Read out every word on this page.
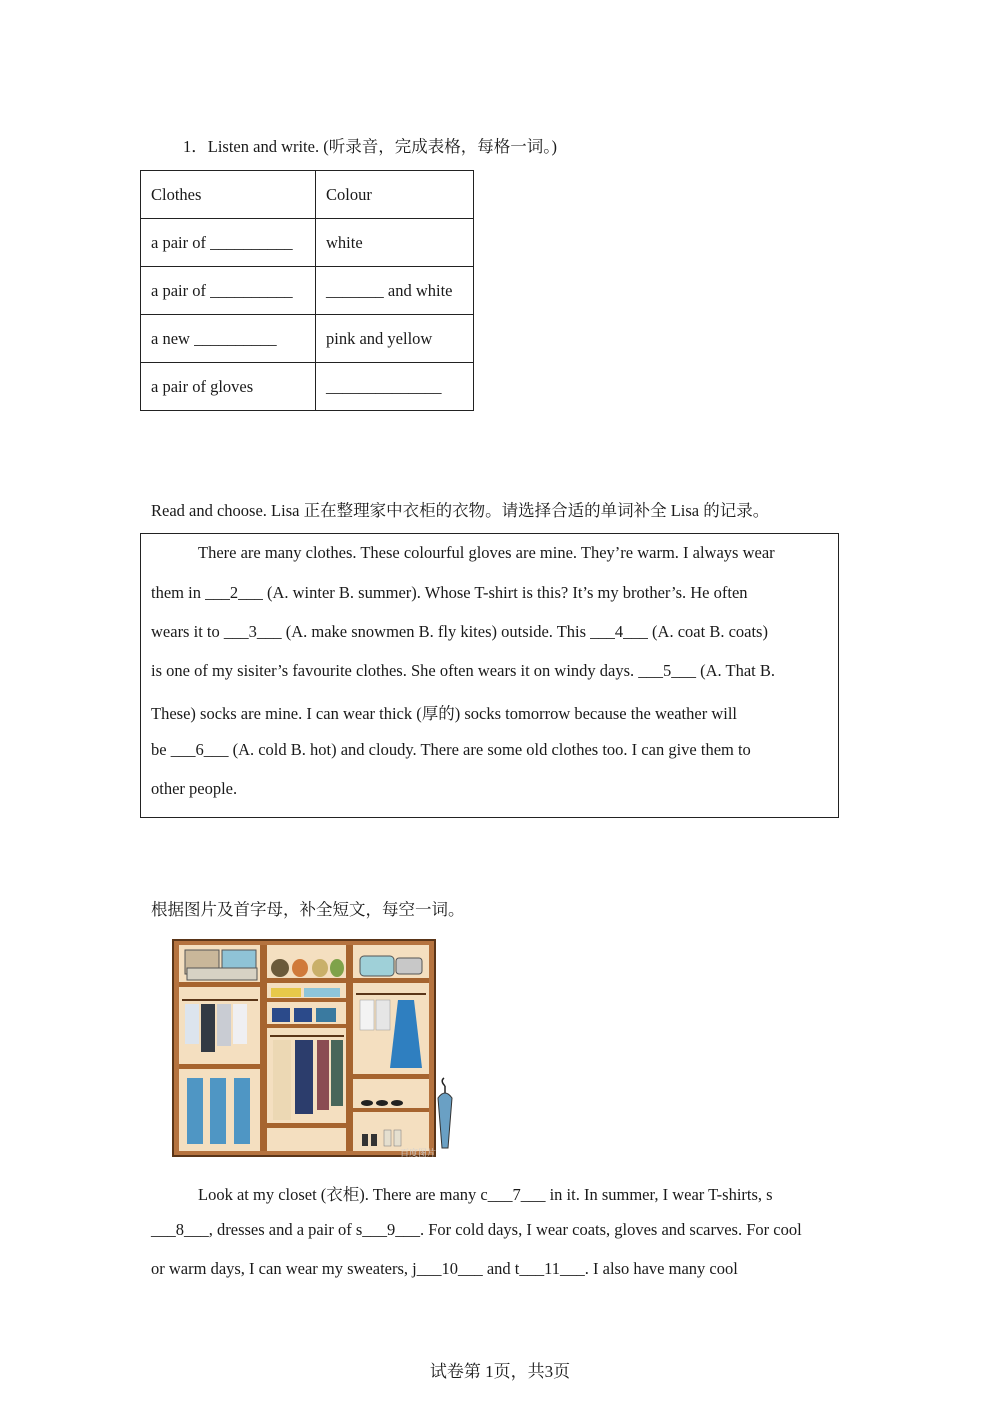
1．Listen and write. (听录音，完成表格，每格一词。)
Clothes	Colour
a pair of __________	white
a pair of __________	_______ and white
a new __________	pink and yellow
a pair of gloves	______________
Read and choose. Lisa 正在整理家中衣柜的衣物。请选择合适的单词补全 Lisa 的记录。
There are many clothes. These colourful gloves are mine. They’re warm. I always wear
them in ___2___ (A. winter B. summer). Whose T-shirt is this? It’s my brother’s. He often
wears it to ___3___ (A. make snowmen B. fly kites) outside. This ___4___ (A. coat B. coats)
is one of my sisiter’s favourite clothes. She often wears it on windy days. ___5___ (A. That B.
These) socks are mine. I can wear thick (厚的) socks tomorrow because the weather will
be ___6___ (A. cold B. hot) and cloudy. There are some old clothes too. I can give them to
other people.
根据图片及首字母，补全短文，每空一词。
百度图片
Look at my closet (衣柜). There are many c___7___ in it. In summer, I wear T-shirts, s
___8___, dresses and a pair of s___9___. For cold days, I wear coats, gloves and scarves. For cool
or warm days, I can wear my sweaters, j___10___ and t___11___. I also have many cool
试卷第 1页，共3页
